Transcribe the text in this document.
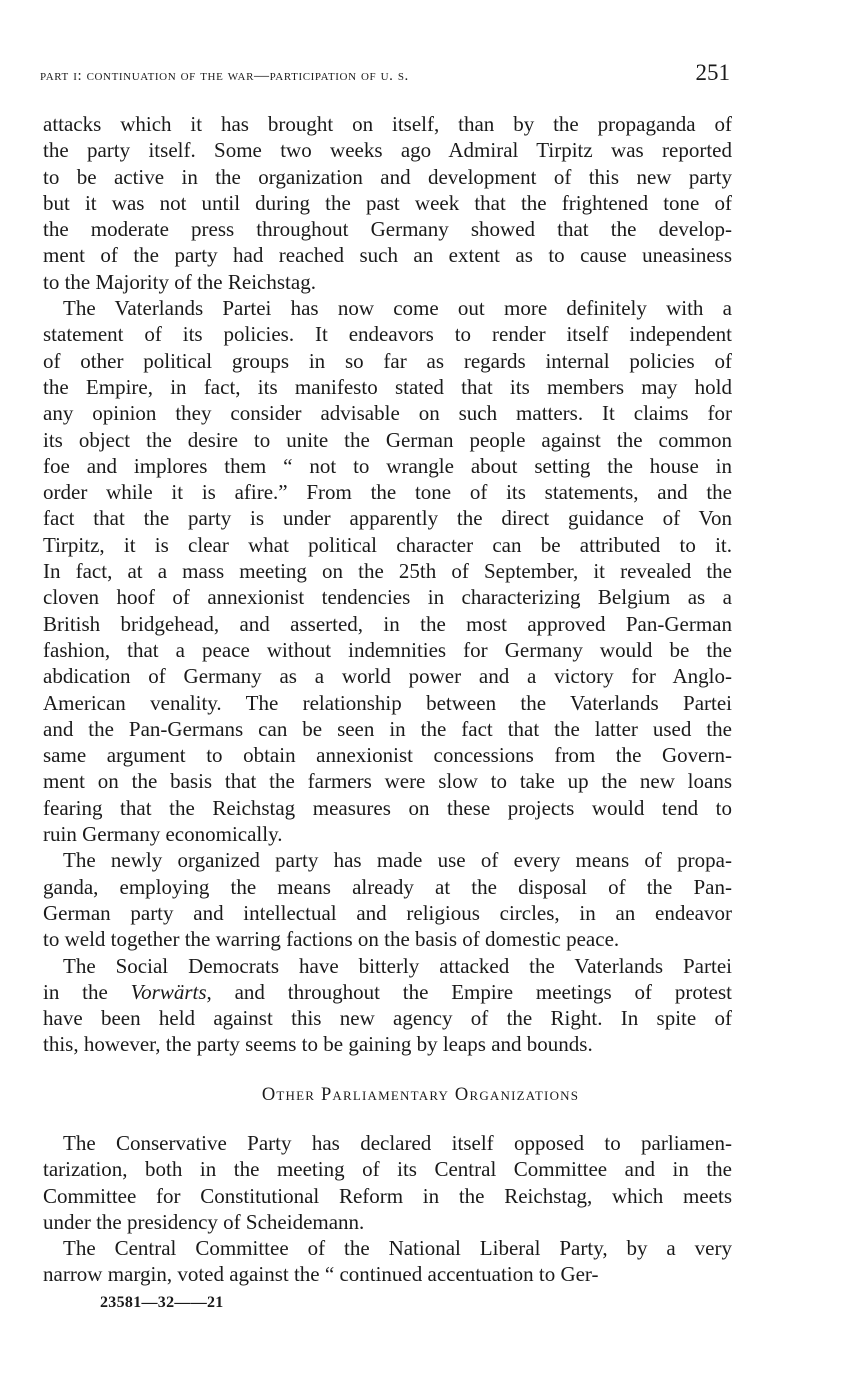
part i: continuation of the war—participation of u. s.	251
attacks which it has brought on itself, than by the propaganda of
the party itself. Some two weeks ago Admiral Tirpitz was reported
to be active in the organization and development of this new party
but it was not until during the past week that the frightened tone of
the moderate press throughout Germany showed that the develop-
ment of the party had reached such an extent as to cause uneasiness
to the Majority of the Reichstag.
The Vaterlands Partei has now come out more definitely with a
statement of its policies. It endeavors to render itself independent
of other political groups in so far as regards internal policies of
the Empire, in fact, its manifesto stated that its members may hold
any opinion they consider advisable on such matters. It claims for
its object the desire to unite the German people against the common
foe and implores them “ not to wrangle about setting the house in
order while it is afire.” From the tone of its statements, and the
fact that the party is under apparently the direct guidance of Von
Tirpitz, it is clear what political character can be attributed to it.
In fact, at a mass meeting on the 25th of September, it revealed the
cloven hoof of annexionist tendencies in characterizing Belgium as a
British bridgehead, and asserted, in the most approved Pan-German
fashion, that a peace without indemnities for Germany would be the
abdication of Germany as a world power and a victory for Anglo-
American venality. The relationship between the Vaterlands Partei
and the Pan-Germans can be seen in the fact that the latter used the
same argument to obtain annexionist concessions from the Govern-
ment on the basis that the farmers were slow to take up the new loans
fearing that the Reichstag measures on these projects would tend to
ruin Germany economically.
The newly organized party has made use of every means of propa-
ganda, employing the means already at the disposal of the Pan-
German party and intellectual and religious circles, in an endeavor
to weld together the warring factions on the basis of domestic peace.
The Social Democrats have bitterly attacked the Vaterlands Partei
in the Vorwärts, and throughout the Empire meetings of protest
have been held against this new agency of the Right. In spite of
this, however, the party seems to be gaining by leaps and bounds.
Other Parliamentary Organizations
The Conservative Party has declared itself opposed to parliamen-
tarization, both in the meeting of its Central Committee and in the
Committee for Constitutional Reform in the Reichstag, which meets
under the presidency of Scheidemann.
The Central Committee of the National Liberal Party, by a very
narrow margin, voted against the “ continued accentuation to Ger-
23581—32——21
